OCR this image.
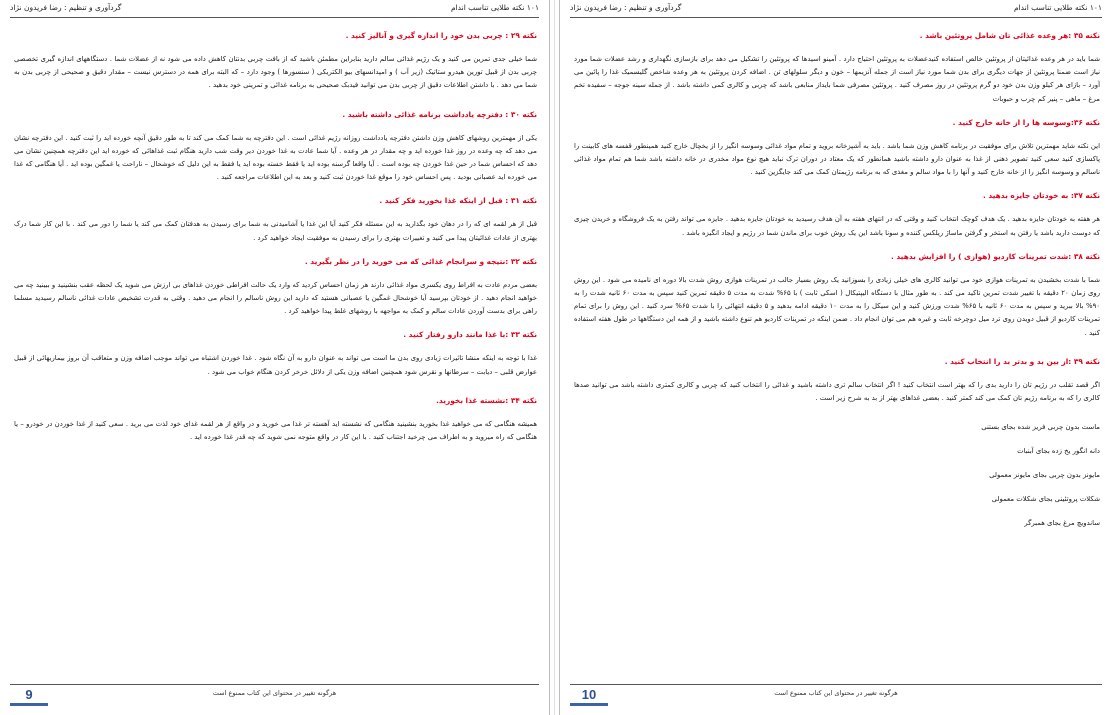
۱۰۱ نکته طلایی تناسب اندام
گردآوری و تنظیم : رضا فریدون نژاد
نکته ۲۹ : چربی بدن خود را اندازه گیری و آنالیز کنید .
شما خیلی جدی تمرین می کنید و یک رژیم غذائی سالم دارید بنابراین مطمئن باشید که از بافت چربی بدنتان کاهش داده می شود نه از عضلات شما . دستگاههای اندازه گیری تخصصی چربی بدن از قبیل تورین هیدرو ستاتیک (زیر آب ) و امپدانسهای بیو الکتریکی ( سنسورها ) وجود دارد – که البته برای همه در دسترس نیست – مقدار دقیق و صحیحی از چربی بدن به شما می دهد . با داشتن اطلاعات دقیق از چربی بدن می توانید فیدبک صحیحی به برنامه غذائی و تمرینی خود بدهید .
نکته ۳۰ : دفترچه یادداشت برنامه غذائی داشته باشید .
یکی از مهمترین روشهای کاهش وزن داشتن دفترچه یادداشت روزانه رژیم غذائی است . این دفترچه به شما کمک می کند تا به طور دقیق آنچه خورده اید را ثبت کنید . این دفترچه نشان می دهد که چه وعده در روز غذا خورده اید و چه مقدار در هر وعده . آیا شما عادت به غذا خوردن دیر وقت شب دارید هنگام ثبت غذاهائی که خورده اید این دفترچه همچنین نشان می دهد که احساس شما در حین غذا خوردن چه بوده است . آیا واقعا گرسنه بوده اید یا فقط خسته بوده اید یا فقط به این دلیل که خوشحال – ناراحت یا غمگین بوده اید . آیا هنگامی که غذا می خورده اید عصبانی بودید . پس احساس خود را موقع غذا خوردن ثبت کنید و بعد به این اطلاعات مراجعه کنید .
نکته ۳۱ : قبل از اینکه غذا بخورید فکر کنید .
قبل از هر لقمه ای که را در دهان خود بگذارید به این مسئله فکر کنید آیا این غذا یا آشامیدنی به شما برای رسیدن به هدفتان کمک می کند یا شما را دور می کند . با این کار شما درک بهتری از عادات غذائیتان پیدا می کنید و تغییرات بهتری را برای رسیدن به موفقیت ایجاد خواهید کرد .
نکته ۳۲ :نتیجه و سرانجام غذائی که می خورید را در نظر بگیرید .
بعضی مردم عادت به افراط روی یکسری مواد غذائی دارند هر زمان احساس کردید که وارد یک حالت افراطی خوردن غذاهای بی ارزش می شوید یک لحظه عقب بنشینید و ببینید چه می خواهید انجام دهید . از خودتان بپرسید آیا خوشحال غمگین یا عصبانی هستید که دارید این روش ناسالم را انجام می دهید . وقتی به قدرت تشخیص عادات غذائی ناسالم رسیدید مسلما راهی برای بدست آوردن عادات سالم و کمک به مواجهه با روشهای غلط پیدا خواهید کرد .
نکته ۳۳ :با غذا مانند دارو رفتار کنید .
غذا با توجه به اینکه منشا تاثیرات زیادی روی بدن ما است می تواند به عنوان دارو به آن نگاه شود . غذا خوردن اشتباه می تواند موجب اضافه وزن و متعاقب آن بروز بیماریهائی از قبیل عوارض قلبی – دیابت – سرطانها و نقرس شود همچنین اضافه وزن یکی از دلائل خرخر کردن هنگام خواب می شود .
نکته ۳۴ :نشسته غذا بخورید.
همیشه هنگامی که می خواهید غذا بخورید بنشینید هنگامی که نشسته اید آهسته تر غذا می خورید و در واقع از هر لقمه غذای خود لذت می برید . سعی کنید از غذا خوردن در خودرو – یا هنگامی که راه میروید و به اطراف می چرخید اجتناب کنید . با این کار در واقع متوجه نمی شوید که چه قدر غذا خورده اید .
9	هرگونه تغییر در محتوای این کتاب ممنوع است
۱۰۱ نکته طلایی تناسب اندام
گردآوری و تنظیم : رضا فریدون نژاد
نکته ۳۵ :هر وعده غذائی تان شامل پروتئین باشد .
شما باید در هر وعده غذائیتان از پروتئین خالص استفاده کنیدعضلات به پروتئین احتیاج دارد . آمینو اسیدها که پروتئین را تشکیل می دهد برای بازسازی نگهداری و رشد عضلات شما مورد نیاز است ضمنا پروتئین از جهات دیگری برای بدن شما مورد نیاز است از جمله آنزیمها – خون و دیگر سلولهای تن . اضافه کردن پروتئین به هر وعده شاخص گلیسمیک غذا را پائین می آورد – بازای هر کیلو وزن بدن خود دو گرم پروتئین در روز مصرف کنید . پروتئین مصرفی شما بایداز منابعی باشد که چربی و کالری کمی داشته باشد . از جمله سینه جوجه – سفیده تخم مرغ – ماهی – پنیر کم چرب و حبوبات
نکته ۳۶:وسوسه ها را از خانه خارج کنید .
این نکته شاید مهمترین تلاش برای موفقیت در برنامه کاهش وزن شما باشد . باید به آشپزخانه بروید و تمام مواد غذائی وسوسه انگیز را از یخچال خارج کنید همینطور قفسه های کابینت را پاکسازی کنید سعی کنید تصویر ذهنی از غذا به عنوان دارو داشته باشید همانطور که یک معتاد در دوران ترک نباید هیچ نوع مواد مخدری در خانه داشته باشد شما هم تمام مواد غذائی ناسالم و وسوسه انگیز را از خانه خارج کنید و آنها را با مواد سالم و مغذی که به برنامه رژیمتان کمک می کند جایگزین کنید .
نکته ۳۷: به خودتان جایزه بدهید .
هر هفته به خودتان جایزه بدهید . یک هدف کوچک انتخاب کنید و وقتی که در انتهای هفته به آن هدف رسیدید به خودتان جایزه بدهید . جایزه می تواند رفتن به یک فروشگاه و خریدن چیزی که دوست دارید باشد یا رفتن به استخر و گرفتن ماساژ ریلکس کننده و سونا باشد این یک روش خوب برای ماندن شما در رژیم و ایجاد انگیزه باشد .
نکته ۳۸ :شدت تمرینات کاردیو (هوازی ) را افزایش بدهید .
شما با شدت بخشیدن به تمرینات هوازی خود می توانید کالری های خیلی زیادی را بسوزانید یک روش بسیار جالب در تمرینات هوازی روش شدت بالا دوره ای نامیده می شود . این روش روی زمان ۲۰ دقیقه با تغییر شدت تمرین تاکید می کند . به طور مثال با دستگاه الیپتیکال ( اسکی ثابت ) با ۶۵% شدت به مدت ۵ دقیقه تمرین کنید سپس به مدت ۶۰ ثانیه شدت را به ۹۰% بالا ببرید و سپس به مدت ۶۰ ثانیه با ۶۵% شدت ورزش کنید و این سیکل را به مدت ۱۰ دقیقه ادامه بدهید و ۵ دقیقه انتهائی را با شدت ۶۵% سرد کنید . این روش را برای تمام تمرینات کاردیو از قبیل دویدن روی ترد میل دوچرخه ثابت و غیره هم می توان انجام داد . ضمن اینکه در تمرینات کاردیو هم تنوع داشته باشید و از همه این دستگاهها در طول هفته استفاده کنید .
نکته ۳۹ :از بین بد و بدتر بد را انتخاب کنید .
اگر قصد تقلب در رژیم تان را دارید بدی را که بهتر است انتخاب کنید ! اگر انتخاب سالم تری داشته باشید و غذائی را انتخاب کنید که چربی و کالری کمتری داشته باشد می توانید صدها کالری را که به برنامه رژیم تان کمک می کند کمتر کنید . بعضی غذاهای بهتر از بد به شرح زیر است .
ماست بدون چربی فریز شده بجای بستنی
دانه انگور یخ زده بجای آبنبات
مایونز بدون چربی بجای مایونز معمولی
شکلات پروتئینی بجای شکلات معمولی
ساندویچ مرغ بجای همبرگر
10	هرگونه تغییر در محتوای این کتاب ممنوع است
